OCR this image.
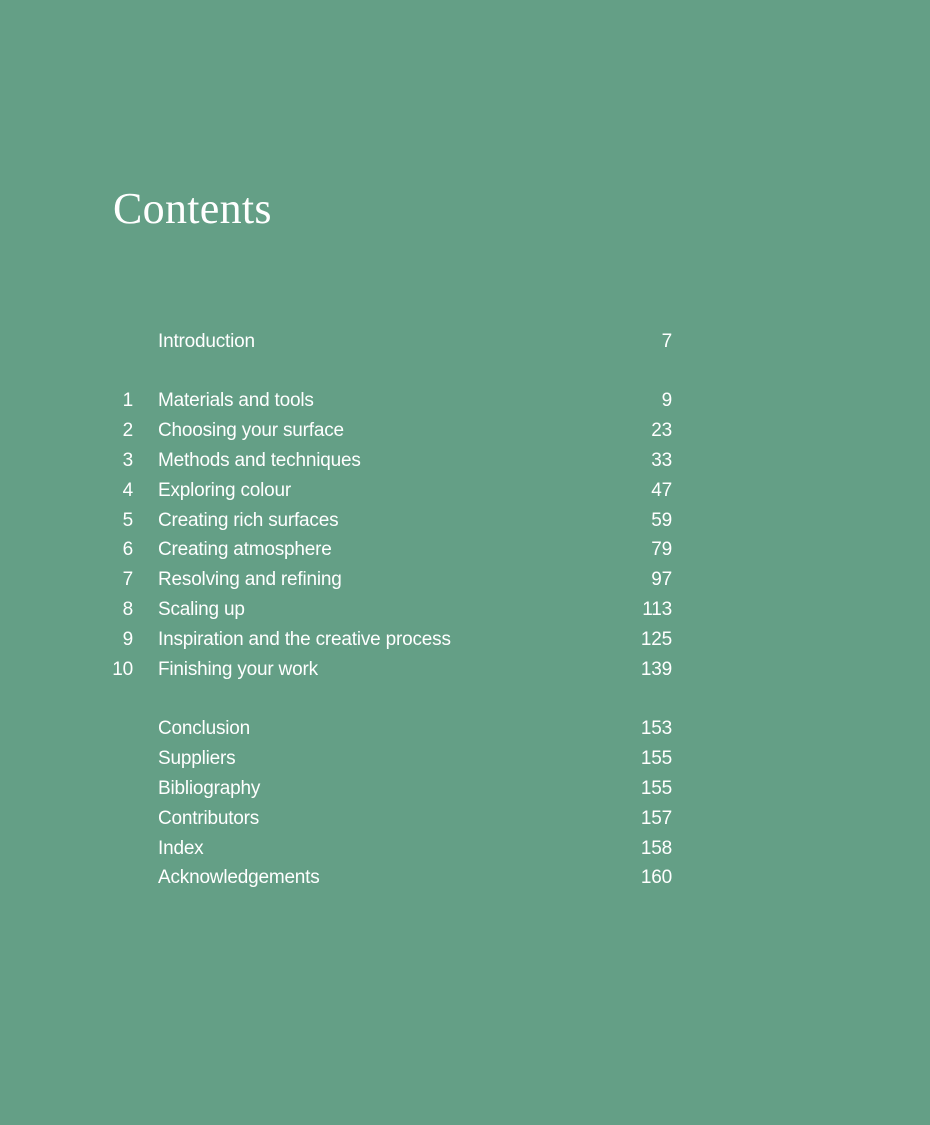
Contents
Introduction	7
1 Materials and tools	9
2 Choosing your surface	23
3 Methods and techniques	33
4 Exploring colour	47
5 Creating rich surfaces	59
6 Creating atmosphere	79
7 Resolving and refining	97
8 Scaling up	113
9 Inspiration and the creative process	125
10 Finishing your work	139
Conclusion	153
Suppliers	155
Bibliography	155
Contributors	157
Index	158
Acknowledgements	160
